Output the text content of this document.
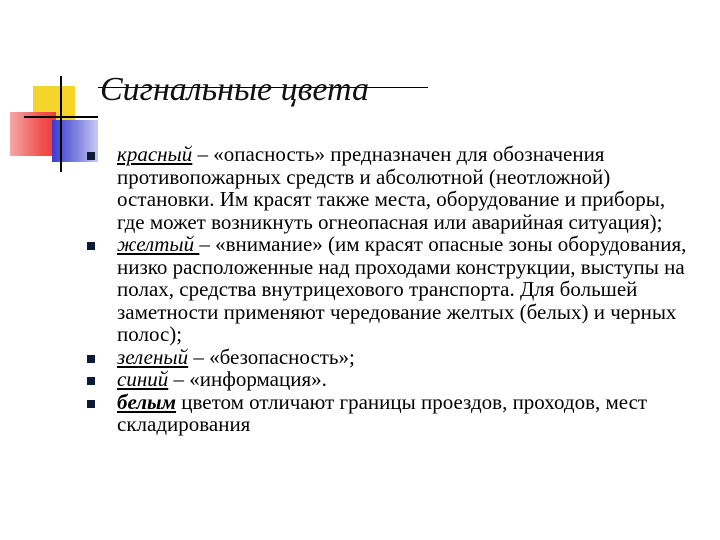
Сигнальные цвета
красный – «опасность» предназначен для обозначения противопожарных средств и абсолютной (неотложной) остановки. Им красят также места, оборудование и приборы, где может возникнуть огнеопасная или аварийная ситуация);
желтый – «внимание» (им красят опасные зоны оборудования, низко расположенные над проходами конструкции, выступы на полах, средства внутрицехового транспорта. Для большей заметности применяют чередование желтых (белых) и черных полос);
зеленый – «безопасность»;
синий – «информация».
белым цветом отличают границы проездов, проходов, мест складирования
